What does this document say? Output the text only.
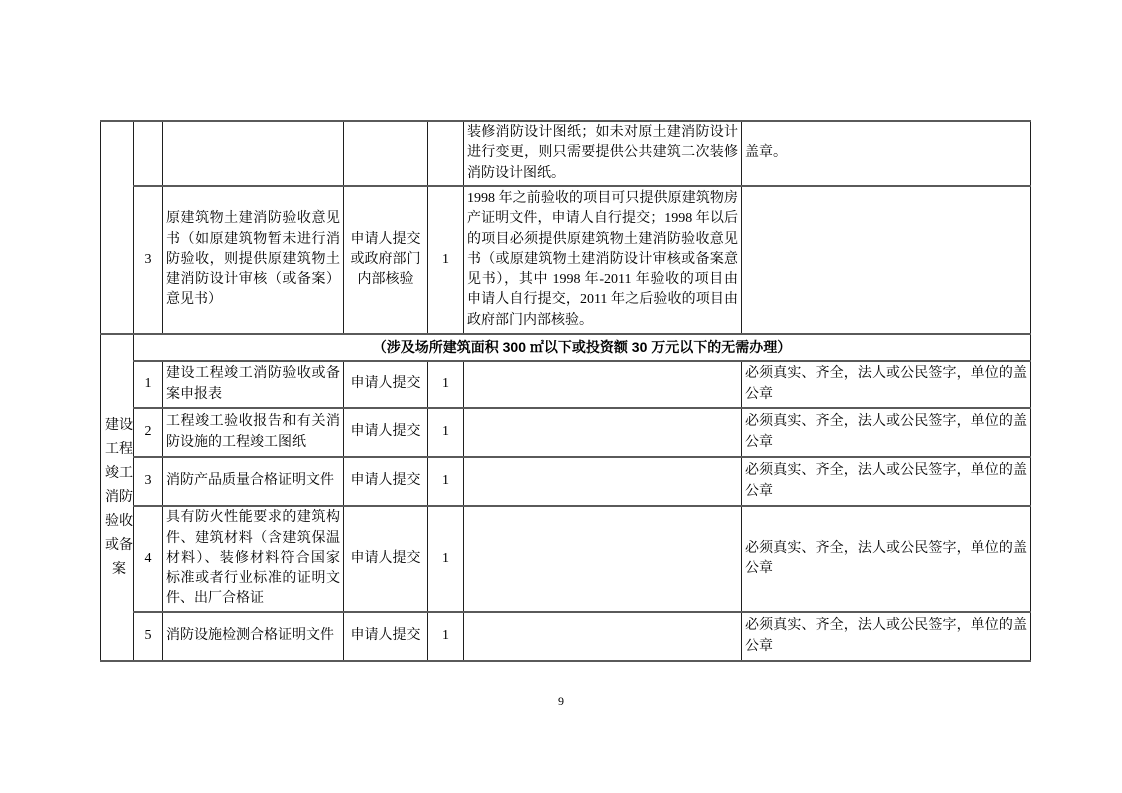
					装修消防设计图纸；如未对原土建消防设计进行变更，则只需要提供公共建筑二次装修消防设计图纸。	盖章。
	3	原建筑物土建消防验收意见书（如原建筑物暂未进行消防验收，则提供原建筑物土建消防设计审核（或备案）意见书）	申请人提交或政府部门内部核验	1	1998 年之前验收的项目可只提供原建筑物房产证明文件，申请人自行提交；1998 年以后的项目必须提供原建筑物土建消防验收意见书（或原建筑物土建消防设计审核或备案意见书），其中 1998 年-2011 年验收的项目由申请人自行提交，2011 年之后验收的项目由政府部门内部核验。	
建设工程竣工消防验收或备案	（涉及场所建筑面积 300 ㎡以下或投资额 30 万元以下的无需办理）					
	1	建设工程竣工消防验收或备案申报表	申请人提交	1		必须真实、齐全，法人或公民签字，单位的盖公章
	2	工程竣工验收报告和有关消防设施的工程竣工图纸	申请人提交	1		必须真实、齐全，法人或公民签字，单位的盖公章
	3	消防产品质量合格证明文件	申请人提交	1		必须真实、齐全，法人或公民签字，单位的盖公章
	4	具有防火性能要求的建筑构件、建筑材料（含建筑保温材料）、装修材料符合国家标准或者行业标准的证明文件、出厂合格证	申请人提交	1		必须真实、齐全，法人或公民签字，单位的盖公章
	5	消防设施检测合格证明文件	申请人提交	1		必须真实、齐全，法人或公民签字，单位的盖公章
9
